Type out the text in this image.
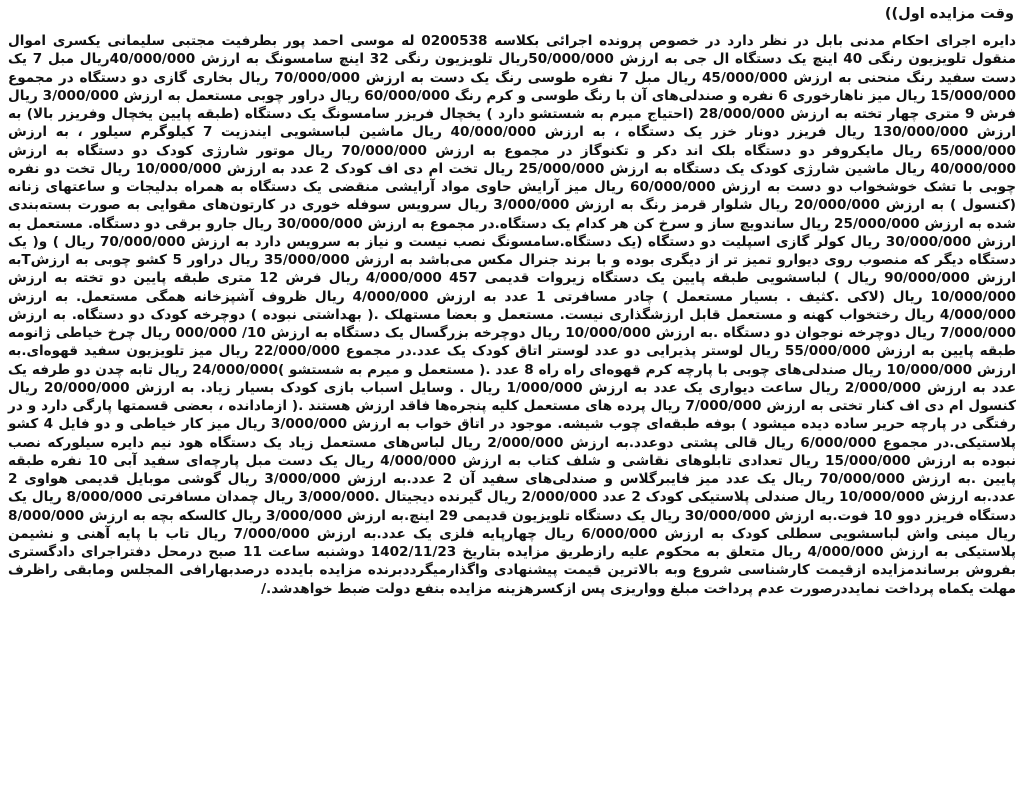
وقت مزایده اول))
دایره اجرای احکام مدنی بابل در نظر دارد در خصوص پرونده اجرائی بکلاسه 0200538 له موسی احمد پور بطرفیت مجتبی سلیمانی یکسری اموال منقول تلویزیون رنگی 40 اینچ یک دستگاه ال جی به ارزش 50/000/000ریال تلویزیون رنگی 32 اینچ سامسونگ به ارزش 40/000/000ریال مبل 7 یک دست سفید رنگ منحنی به ارزش 45/000/000 ریال مبل 7 نفره طوسی رنگ یک دست به ارزش 70/000/000 ریال بخاری گازی دو دستگاه در مجموع 15/000/000 ریال میز ناهارخوری 6 نفره و صندلی‌های آن با رنگ طوسی و کرم رنگ 60/000/000 ریال دراور چوبی مستعمل به ارزش 3/000/000 ریال فرش 9 متری چهار تخته به ارزش 28/000/000 (احتیاج میرم به شستشو دارد ) یخچال فریزر سامسونگ یک دستگاه (طبقه پایین یخچال وفریزر بالا) به ارزش 130/000/000 ریال فریزر دونار خزر یک دستگاه ، به ارزش 40/000/000 ریال ماشین لباسشویی ایندزیت 7 کیلوگرم سیلور ، به ارزش 65/000/000 ریال مایکروفر دو دستگاه بلک اند دکر و تکنوگاز در مجموع به ارزش 70/000/000 ریال موتور شارژی کودک دو دستگاه به ارزش 40/000/000 ریال ماشین شارژی کودک یک دستگاه به ارزش 25/000/000 ریال تخت ام دی اف کودک 2 عدد به ارزش 10/000/000 ریال تخت دو نفره چوبی با تشک خوشخواب دو دست به ارزش 60/000/000 ریال میز آرایش حاوی مواد آرایشی منقضی یک دستگاه به همراه بدلیجات و ساعتهای زنانه (کنسول ) به ارزش 20/000/000 ریال شلوار قرمز رنگ به ارزش 3/000/000 ریال سرویس سوفله خوری در کارتون‌های مقوایی به صورت بسته‌بندی شده به ارزش 25/000/000 ریال ساندویچ ساز و سرخ کن هر کدام یک دستگاه.در مجموع به ارزش 30/000/000 ریال جارو برقی دو دستگاه. مستعمل به ارزش 30/000/000 ریال کولر گازی اسپلیت دو دستگاه (یک دستگاه.سامسونگ نصب نیست و نیاز به سرویس دارد به ارزش 70/000/000 ریال ) و( یک دستگاه دیگر که منصوب روی دیوارو تمیز تر از دیگری بوده و با برند جنرال مکس می‌باشد به ارزش 35/000/000 ریال دراور 5 کشو چوبی به ارزشTبه ارزش 90/000/000 ریال ) لباسشویی طبقه پایین یک دستگاه زیروات قدیمی 457 4/000/000 ریال فرش 12 متری طبقه پایین دو تخته به ارزش 10/000/000 ریال (لاکی .کثیف . بسیار مستعمل ) چادر مسافرتی 1 عدد به ارزش 4/000/000 ریال ظروف آشپزخانه همگی مستعمل. به ارزش 4/000/000 ریال رختخواب کهنه و مستعمل قابل ارزشگذاری نیست. مستعمل و بعضا مستهلک .( بهداشتی نبوده ) دوچرخه کودک دو دستگاه. به ارزش 7/000/000 ریال دوچرخه نوجوان دو دستگاه .به ارزش 10/000/000 ریال دوچرخه بزرگسال یک دستگاه به ارزش 10/ 000/000 ریال چرخ خیاطی ژانومه طبقه پایین به ارزش 55/000/000 ریال لوستر پذیرایی دو عدد لوستر اتاق کودک یک عدد.در مجموع 22/000/000 ریال میز تلویزیون سفید قهوه‌ای.به ارزش 10/000/000 ریال صندلی‌های چوبی با پارچه کرم قهوه‌ای راه راه 8 عدد .( مستعمل و میرم به شستشو )24/000/000 ریال تابه چدن دو طرفه یک عدد به ارزش 2/000/000 ریال ساعت دیواری یک عدد به ارزش 1/000/000 ریال . وسایل اسباب بازی کودک بسیار زیاد. به ارزش 20/000/000 ریال کنسول ام دی اف کنار تختی به ارزش 7/000/000 ریال پرده های مستعمل کلیه پنجره‌ها فاقد ارزش هستند .( ازمادانده ، بعضی قسمتها پارگی دارد و در رفتگی در پارچه حریر ساده دیده میشود ) بوفه طبقه‌ای چوب شیشه. موجود در اتاق خواب به ارزش 3/000/000 ریال میز کار خیاطی و دو فایل 4 کشو پلاستیکی.در مجموع 6/000/000 ریال قالی پشتی دوعدد.به ارزش 2/000/000 ریال لباس‌های مستعمل زیاد یک دستگاه هود نیم دایره سیلورکه نصب نبوده به ارزش 15/000/000 ریال تعدادی تابلوهای نقاشی و شلف کتاب به ارزش 4/000/000 ریال یک دست مبل پارچه‌ای سفید آبی 10 نفره طبقه پایین .به ارزش 70/000/000 ریال یک عدد میز فایبرگلاس و صندلی‌های سفید آن 2 عدد.به ارزش 3/000/000 ریال گوشی موبایل قدیمی هواوی 2 عدد.به ارزش 10/000/000 ریال صندلی پلاستیکی کودک 2 عدد 2/000/000 ریال گیرنده دیجیتال .3/000/000 ریال چمدان مسافرتی 8/000/000 ریال یک دستگاه فریزر دوو 10 فوت.به ارزش 30/000/000 ریال یک دستگاه تلویزیون قدیمی 29 اینچ.به ارزش 3/000/000 ریال کالسکه بچه به ارزش 8/000/000 ریال مینی واش لباسشویی سطلی کودک به ارزش 6/000/000 ریال چهارپایه فلزی یک عدد.به ارزش 7/000/000 ریال تاب با پایه آهنی و نشیمن پلاستیکی به ارزش 4/000/000 ریال متعلق به محکوم علیه رازطریق مزایده بتاریخ 1402/11/23 دوشنبه ساعت 11 صبح درمحل دفتراجرای دادگستری بفروش برساندمزایده ازقیمت کارشناسی شروع وبه بالاترین قیمت پیشنهادی واگذارمیگرددبرنده مزایده بایدده درصدبهارافی المجلس ومابقی راظرف مهلت یکماه پرداخت نمایددرصورت عدم پرداخت مبلغ وواریزی پس ازکسرهزینه مزایده بنفع دولت ضبط خواهدشد./
